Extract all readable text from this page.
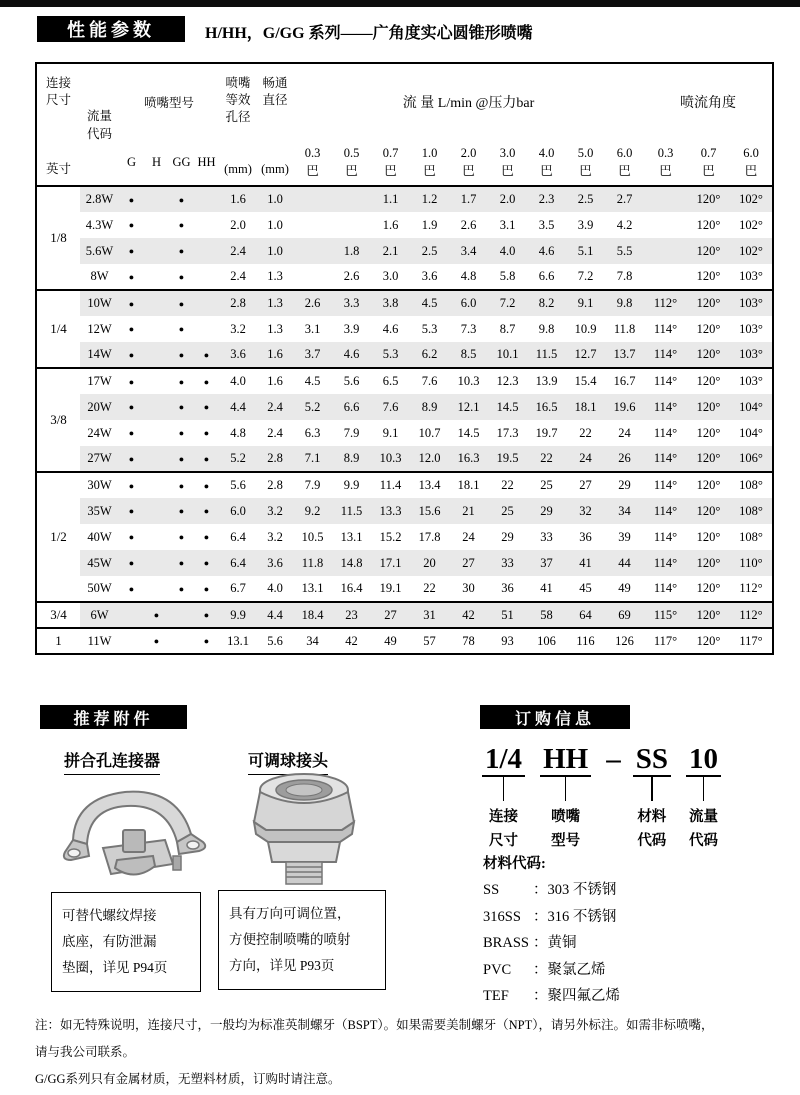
性能参数	H/HH，G/GG 系列——广角度实心圆锥形喷嘴
连接
尺寸
英寸

流量
代码
	喷嘴型号	
喷嘴
等效
孔径
(mm)

畅通
直径
(mm)
	流 量 L/min @压力bar	喷流角度
G	H	GG	HH	
0.3
巴

0.5
巴

0.7
巴

1.0
巴

2.0
巴

3.0
巴

4.0
巴

5.0
巴

6.0
巴

0.3
巴

0.7
巴

6.0
巴

1/8	2.8W	●		●		1.6	1.0			1.1	1.2	1.7	2.0	2.3	2.5	2.7		120°	102°
	4.3W	●		●		2.0	1.0			1.6	1.9	2.6	3.1	3.5	3.9	4.2		120°	102°
	5.6W	●		●		2.4	1.0		1.8	2.1	2.5	3.4	4.0	4.6	5.1	5.5		120°	102°
	8W	●		●		2.4	1.3		2.6	3.0	3.6	4.8	5.8	6.6	7.2	7.8		120°	103°
1/4	10W	●		●		2.8	1.3	2.6	3.3	3.8	4.5	6.0	7.2	8.2	9.1	9.8	112°	120°	103°
	12W	●		●		3.2	1.3	3.1	3.9	4.6	5.3	7.3	8.7	9.8	10.9	11.8	114°	120°	103°
	14W	●		●	●	3.6	1.6	3.7	4.6	5.3	6.2	8.5	10.1	11.5	12.7	13.7	114°	120°	103°
3/8	17W	●		●	●	4.0	1.6	4.5	5.6	6.5	7.6	10.3	12.3	13.9	15.4	16.7	114°	120°	103°
	20W	●		●	●	4.4	2.4	5.2	6.6	7.6	8.9	12.1	14.5	16.5	18.1	19.6	114°	120°	104°
	24W	●		●	●	4.8	2.4	6.3	7.9	9.1	10.7	14.5	17.3	19.7	22	24	114°	120°	104°
	27W	●		●	●	5.2	2.8	7.1	8.9	10.3	12.0	16.3	19.5	22	24	26	114°	120°	106°
1/2	30W	●		●	●	5.6	2.8	7.9	9.9	11.4	13.4	18.1	22	25	27	29	114°	120°	108°
	35W	●		●	●	6.0	3.2	9.2	11.5	13.3	15.6	21	25	29	32	34	114°	120°	108°
	40W	●		●	●	6.4	3.2	10.5	13.1	15.2	17.8	24	29	33	36	39	114°	120°	108°
	45W	●		●	●	6.4	3.6	11.8	14.8	17.1	20	27	33	37	41	44	114°	120°	110°
	50W	●		●	●	6.7	4.0	13.1	16.4	19.1	22	30	36	41	45	49	114°	120°	112°
3/4	6W		●		●	9.9	4.4	18.4	23	27	31	42	51	58	64	69	115°	120°	112°
1	11W		●		●	13.1	5.6	34	42	49	57	78	93	106	116	126	117°	120°	117°
推荐附件
拼合孔连接器	可调球接头
可替代螺纹焊接
底座，有防泄漏
垫圈，详见 P94页
具有万向可调位置，
方便控制喷嘴的喷射
方向，详见 P93页
订购信息
1/4
连接
尺寸
HH
喷嘴
型号
– SS
材料
代码
10
流量
代码
材料代码:
SS ：303 不锈钢
316SS ：316 不锈钢
BRASS ：黄铜
PVC ：聚氯乙烯
TEF ：聚四氟乙烯
注：如无特殊说明，连接尺寸，一般均为标准英制螺牙（BSPT）。如果需要美制螺牙（NPT），请另外标注。如需非标喷嘴，
请与我公司联系。
G/GG系列只有金属材质，无塑料材质，订购时请注意。
